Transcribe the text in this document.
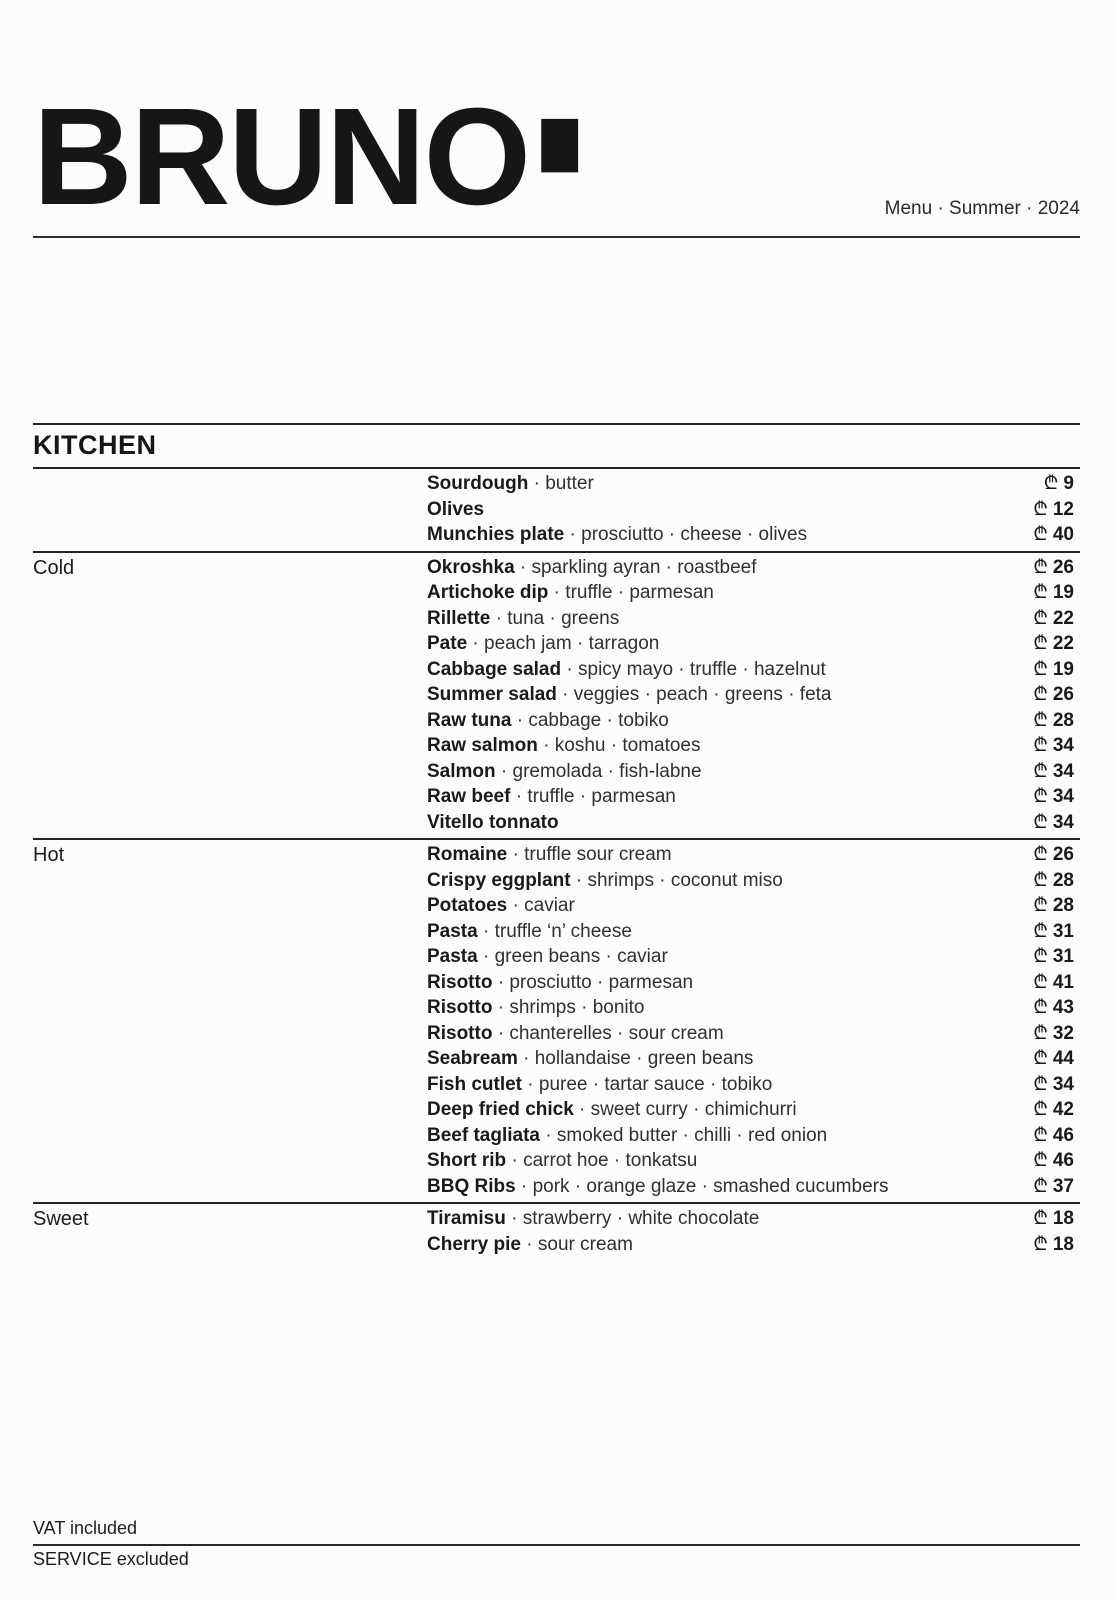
BRUNO·	Menu · Summer · 2024
KITCHEN
Sourdough · butter	₾ 9
Olives	₾ 12
Munchies plate · prosciutto · cheese · olives	₾ 40
Cold	Okroshka · sparkling ayran · roastbeef	₾ 26
Artichoke dip · truffle · parmesan	₾ 19
Rillette · tuna · greens	₾ 22
Pate · peach jam · tarragon	₾ 22
Cabbage salad · spicy mayo · truffle · hazelnut	₾ 19
Summer salad · veggies · peach · greens · feta	₾ 26
Raw tuna · cabbage · tobiko	₾ 28
Raw salmon · koshu · tomatoes	₾ 34
Salmon · gremolada · fish-labne	₾ 34
Raw beef · truffle · parmesan	₾ 34
Vitello tonnato	₾ 34
Hot	Romaine · truffle sour cream	₾ 26
Crispy eggplant · shrimps · coconut miso	₾ 28
Potatoes · caviar	₾ 28
Pasta · truffle ‘n’ cheese	₾ 31
Pasta · green beans · caviar	₾ 31
Risotto · prosciutto · parmesan	₾ 41
Risotto · shrimps · bonito	₾ 43
Risotto · chanterelles · sour cream	₾ 32
Seabream · hollandaise · green beans	₾ 44
Fish cutlet · puree · tartar sauce · tobiko	₾ 34
Deep fried chick · sweet curry · chimichurri	₾ 42
Beef tagliata · smoked butter · chilli · red onion	₾ 46
Short rib · carrot hoe · tonkatsu	₾ 46
BBQ Ribs · pork · orange glaze · smashed cucumbers	₾ 37
Sweet	Tiramisu · strawberry · white chocolate	₾ 18
Cherry pie · sour cream	₾ 18
VAT included
SERVICE excluded
